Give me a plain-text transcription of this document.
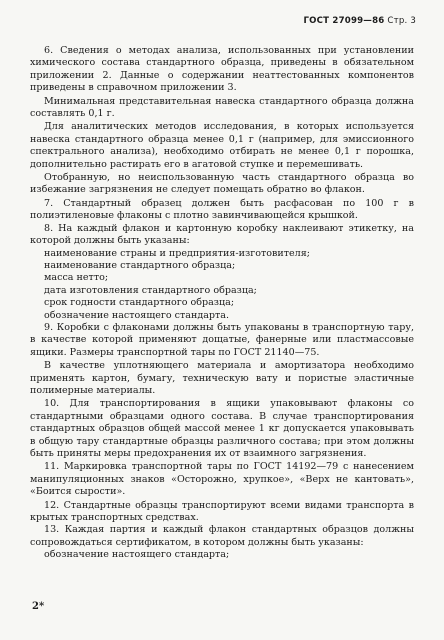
ГОСТ 27099—86 Стр. 3

6. Сведения о методах анализа, использованных при установлении химического состава стандартного образца, приведены в обязательном приложении 2. Данные о содержании неаттестованных компонентов приведены в справочном приложении 3.

Минимальная представительная навеска стандартного образца должна составлять 0,1 г.

Для аналитических методов исследования, в которых используется навеска стандартного образца менее 0,1 г (например, для эмиссионного спектрального анализа), необходимо отбирать не менее 0,1 г порошка, дополнительно растирать его в агатовой ступке и перемешивать.

Отобранную, но неиспользованную часть стандартного образца во избежание загрязнения не следует помещать обратно во флакон.

7. Стандартный образец должен быть расфасован по 100 г в полиэтиленовые флаконы с плотно завинчивающейся крышкой.

8. На каждый флакон и картонную коробку наклеивают этикетку, на которой должны быть указаны:

наименование страны и предприятия-изготовителя;

наименование стандартного образца;

масса нетто;

дата изготовления стандартного образца;

срок годности стандартного образца;

обозначение настоящего стандарта.

9. Коробки с флаконами должны быть упакованы в транспортную тару, в качестве которой применяют дощатые, фанерные или пластмассовые ящики. Размеры транспортной тары по ГОСТ 21140—75.

В качестве уплотняющего материала и амортизатора необходимо применять картон, бумагу, техническую вату и пористые эластичные полимерные материалы.

10. Для транспортирования в ящики упаковывают флаконы со стандартными образцами одного состава. В случае транспортирования стандартных образцов общей массой менее 1 кг допускается упаковывать в общую тару стандартные образцы различного состава; при этом должны быть приняты меры предохранения их от взаимного загрязнения.

11. Маркировка транспортной тары по ГОСТ 14192—79 с нанесением манипуляционных знаков «Осторожно, хрупкое», «Верх не кантовать», «Боится сырости».

12. Стандартные образцы транспортируют всеми видами транспорта в крытых транспортных средствах.

13. Каждая партия и каждый флакон стандартных образцов должны сопровождаться сертификатом, в котором должны быть указаны:

обозначение настоящего стандарта;

2*
